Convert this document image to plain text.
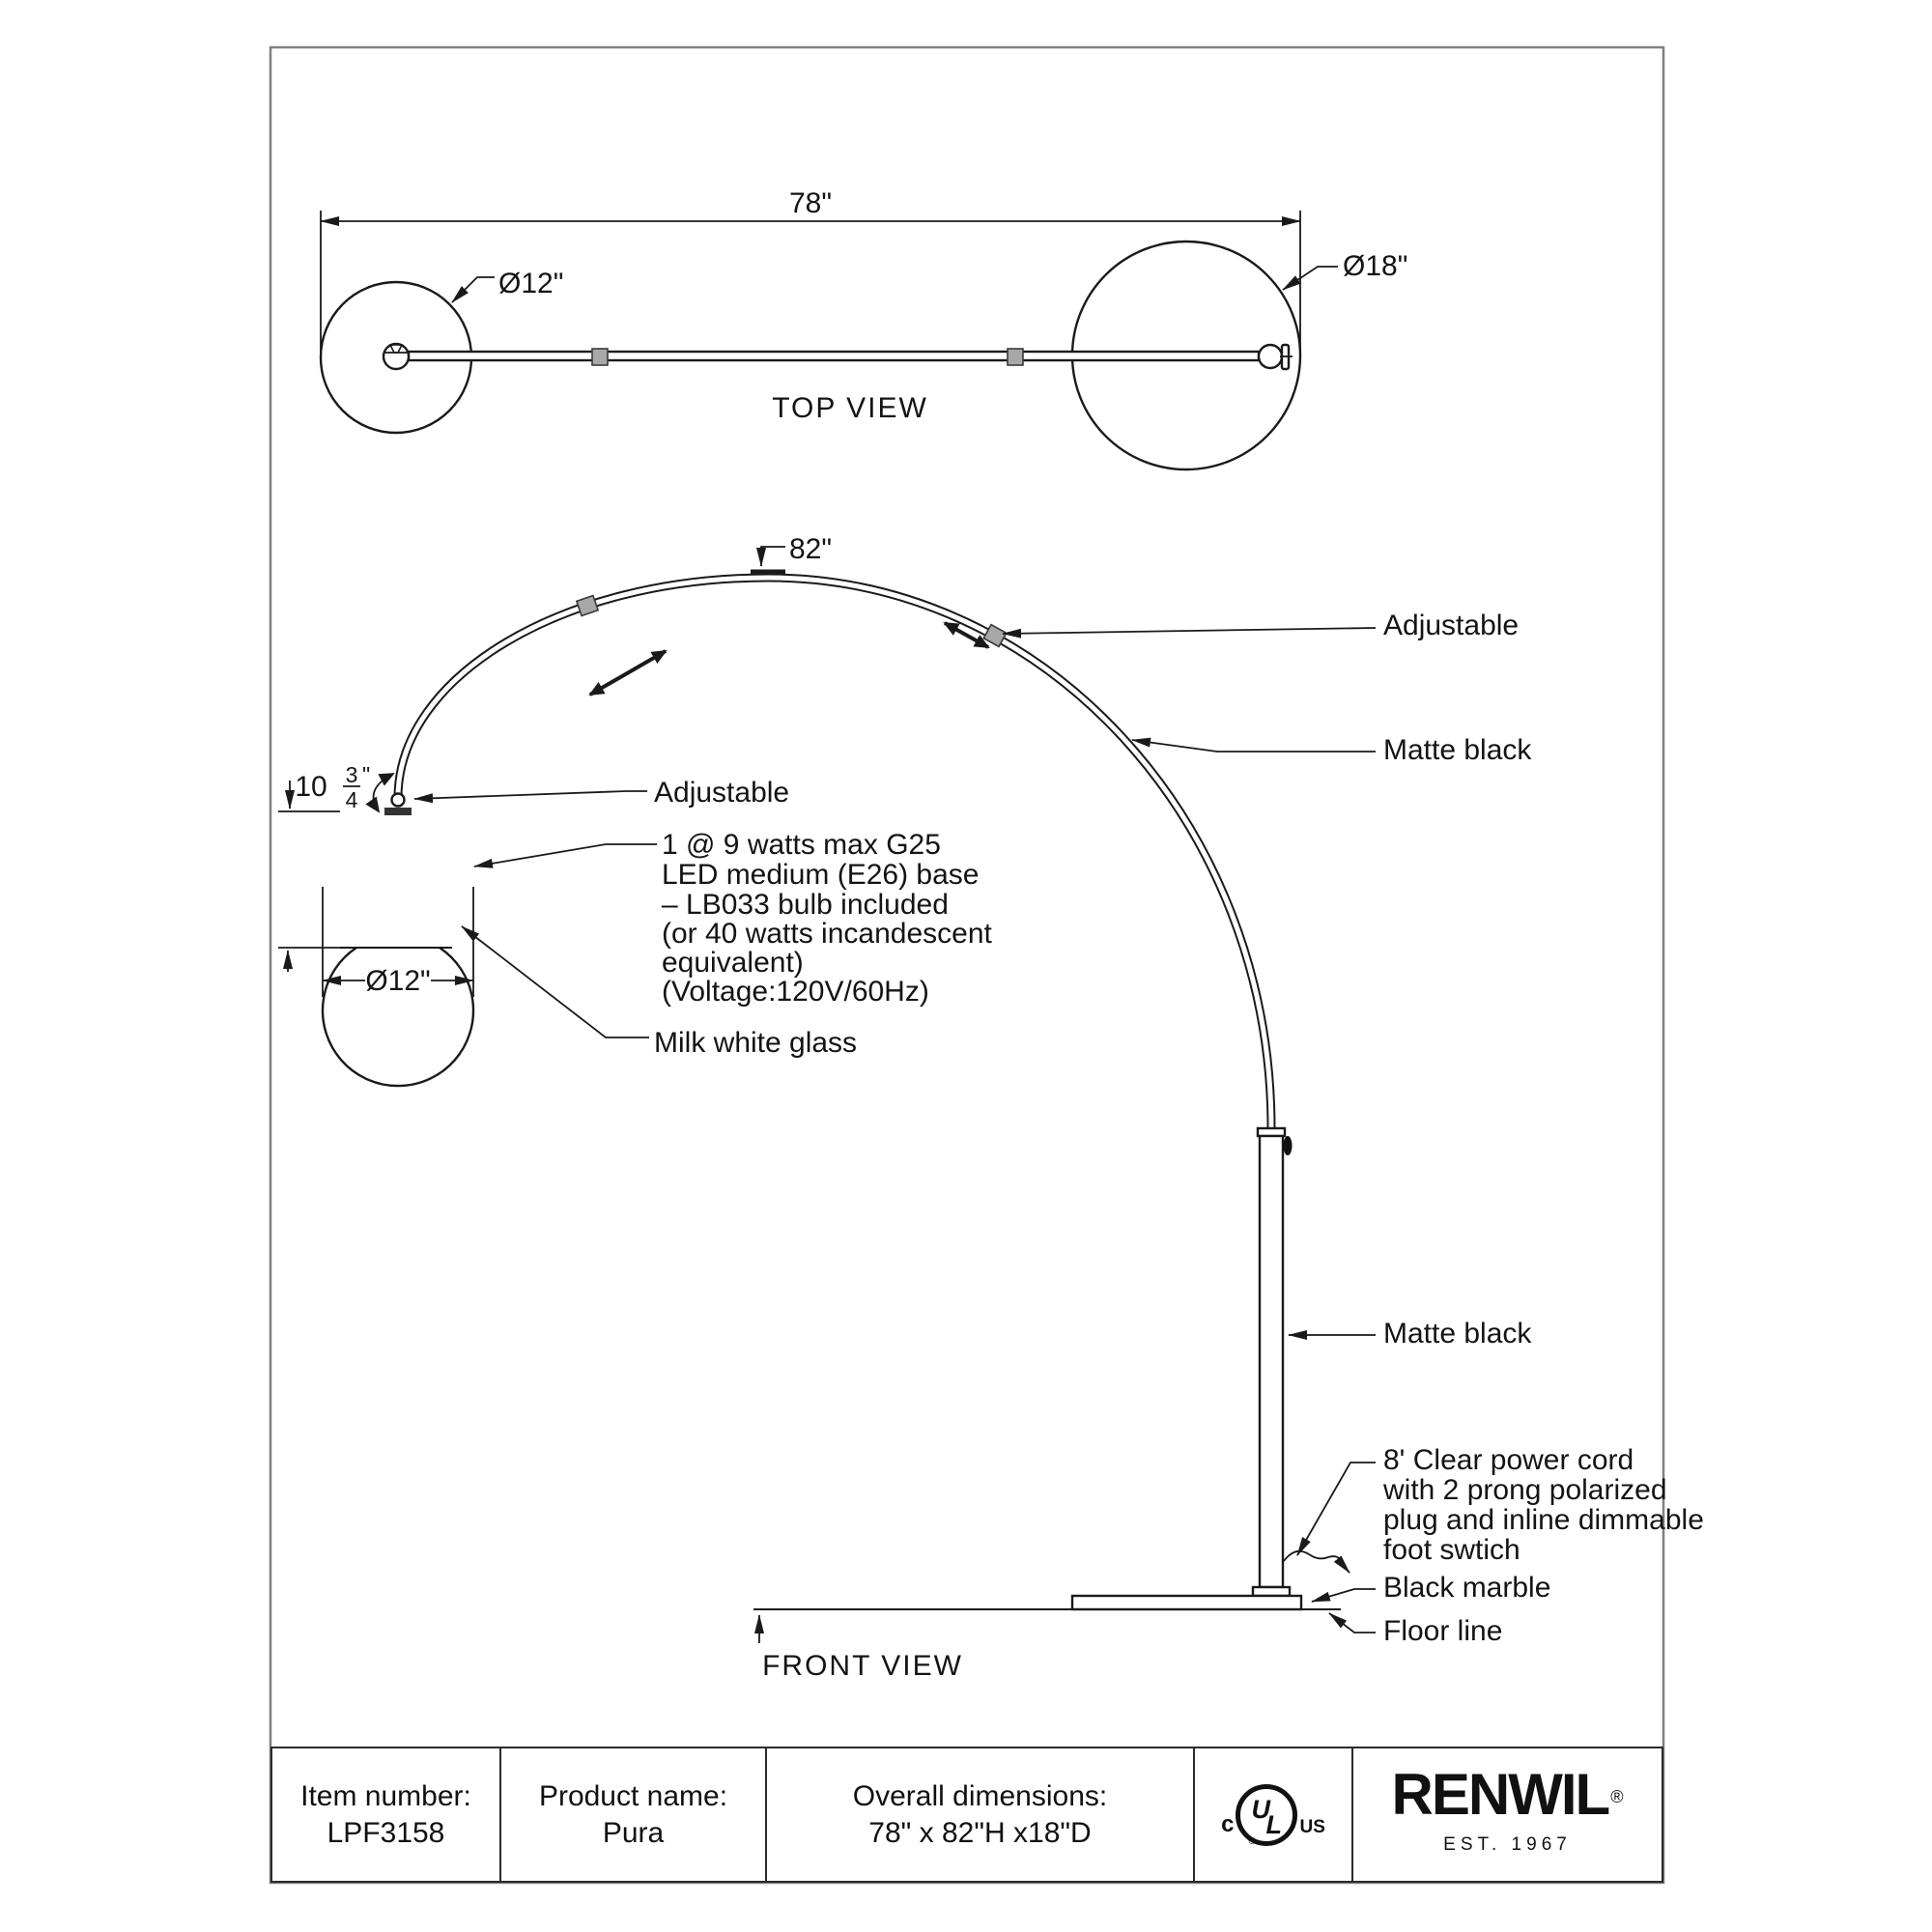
78"
Ø12"
Ø18"
TOP VIEW
82"
10 3
4
"
Ø12"
Adjustable
1 @ 9 watts max G25
LED medium (E26) base
– LB033 bulb included
(or 40 watts incandescent
equivalent)
(Voltage:120V/60Hz)
Milk white glass
Adjustable
Matte black
Matte black
8' Clear power cord
with 2 prong polarized
plug and inline dimmable
foot swtich
Black marble
Floor line
FRONT VIEW
Item number:
LPF3158
Product name:
Pura
Overall dimensions:
78" x 82"H x18"D	c
U
L
®
US
RENWIL ®
EST. 1967
